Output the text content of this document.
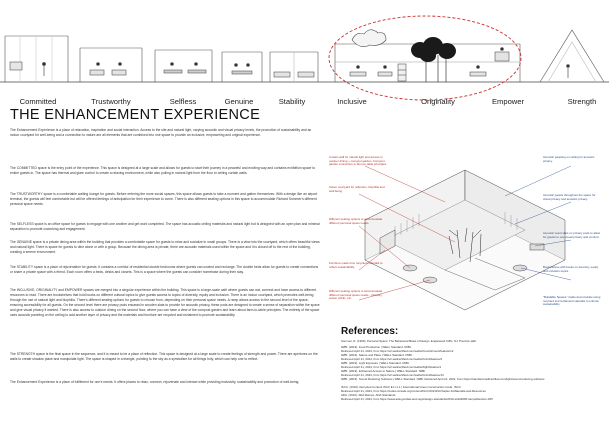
Committed	Trustworthy	Selfless	Genuine	Stability	Inclusive	Originality	Empower	Strength
THE ENHANCEMENT EXPERIENCE

The Enhancement Experience is a place of relaxation, inspiration and social interaction. Access to the site and natural light, varying acoustic and visual privacy levels, the promotion of sustainability and an indoor courtyard for well-being and a connection to nature are all elements that are combined into one space to provide an inclusive, empowering and original experience.

The COMMITTED space is the entry point of the experience. This space is designed at a large scale and allows for guests to start their journey in a peaceful and exciting way and contains exhibition space to entice guests in. The space has thermal and glare control to create a relaxing environment, while also pulling in natural light from the floor to ceiling curtain walls.

The TRUSTWORTHY space is a comfortable waiting lounge for guests. Before entering the more social spaces, this space allows guests to take a moment and gather themselves. With a design like an airport terminal, the guests will feel comfortable but will be offered feelings of anticipation for their experience to come. There is also different seating options in this space to accommodate Richard Sommer's different personal space needs.

The SELFLESS space is an office space for guests to engage with one another and get work completed. The space has acoustic ceiling materials and natural light but is designed with an open plan and minimal separation to promote coworking and engagement.

The GENUINE space is a private dining area within the building that provides a comfortable space for guests to relax and socialize in small groups. There is a view into the courtyard, which offers beautiful views and natural light. There is space for guests to dine alone or with a group. Because the dining area is private, there are acoustic materials used within the space and it is closed off to the rest of the building, creating a serene environment.

The STABILITY space is a place of rejuvenation for guests. It contains a corridor of residential double bedrooms where guests can unwind and recharge. The double beds allow for guests to create connections or share a private space with a friend. Each room offers a beds, desks and closets. This is a space where the guests can consider homebase during their stay.

The INCLUSIVE, ORIGINALITY and EMPOWER spaces are merged into a singular experience within the building. This space is a large-scale café where guests can eat, connect and have access to different resources to read. There are bookshelves that hold books on different cultural topics to give guests access to topics of diversity, equity and inclusion. There is an indoor courtyard, which promotes well-being through the use of natural light and biophilia. There's different seating options for guests to choose from, depending on their personal space needs. A ramp allows access to the second level of the space, ensuring accessibility for all guests. On the second level there are privacy pods encased in wooden slats to provide for acoustic privacy, these pods are designed to create a sense of separation within the space and give visual privacy if wanted. There is also access to outdoor dining on the second floor, where you can have a view of the compost garden and learn about farm-to-table principles. The entirety of the space uses acoustic paneling on the ceiling to add another layer of privacy and the materials and furniture are recycled and reclaimed to promote sustainability.

The STRENGTH space is the final space in the sequence, and it is meant to be a place of reflection. This space is designed at a large scale to create feelings of strength and power. There are apertures on the walls to create shadow place and manipulate light. The space is shaped in a triangle, pointing to the sky as a symbolism for all things holy, which can help one to reflect.

The Enhancement Experience is a place of fulfillment for one's needs. It offers places to relax, connect, rejuvenate and interact while providing inclusivity, sustainability and promotion of well-being.

Curtain wall for natural light and access to outdoor dining + compost garden. Compost garden connection to farm-to-table principles.

Indoor courtyard for reflection, biophilia and well-being.

Different seating options to accommodate different personal space needs.

Furniture made from recycled materials to reflect sustainability.

Different seating options to accommodate different personal space needs - intimacy, social, public, etc.

Acoustic paneling on ceiling for acoustic privacy.

Acoustic panels throughout the space for visual privacy and acoustic privacy.

Acoustic wood slats on privacy pods to allow for guests to use visual privacy and comfort.

Bookshelves with books on diversity, equity and inclusion topics.

"Buildable Spaces" inside demonstrate using recycled and reclaimed materials to enforce sustainability.

References:

Sommer, R. (1969). Personal Space: The Behavioral Basis of Design. Englewood Cliffs, NJ: Prentice-Hall.

IWBI. (2019). Food Production | WELL Standard. IWBI.

Retrieved April 21, 2024, from https://v2.wellcertified.com/wellv2/nourishment/feature/12

IWBI. (2019). Nature and Place | WELL Standard. IWBI.

Retrieved April 21, 2024, from https://v2.wellcertified.com/wellv2/mind/feature/2

IWBI. (2019). Light Exposure | WELL Standard. IWBI.

Retrieved April 21, 2024, from https://v2.wellcertified.com/wellv2/light/feature/1

IWBI. (2019). Enhanced Access to Nature | WELL Standard. IWBI.

Retrieved April 21, 2024, from https://v2.wellcertified.com/wellv2/mind/feature/14

IWBI. (2019). Sound Reducing Surfaces | WELL Standard. IWBI. Retrieved April 21, 2024, from https://standard.wellcertified.com/light/sound-reducing-surfaces

ISCC. (2023). Recycled Content ISCC E.U.1.1 | International Green Construction Code. ISCC.

Retrieved April 21, 2024, from https://codes.iccsafe.org/content/IGCC2021P2/chapter-9-Materials-and-Resources

ADA. (2010). ADA Ramps. ADA Standards.

Retrieved April 21, 2024, from https://www.ada.gov/law-and-regs/design-standards/2010-stds/#405-ramps#section-405
